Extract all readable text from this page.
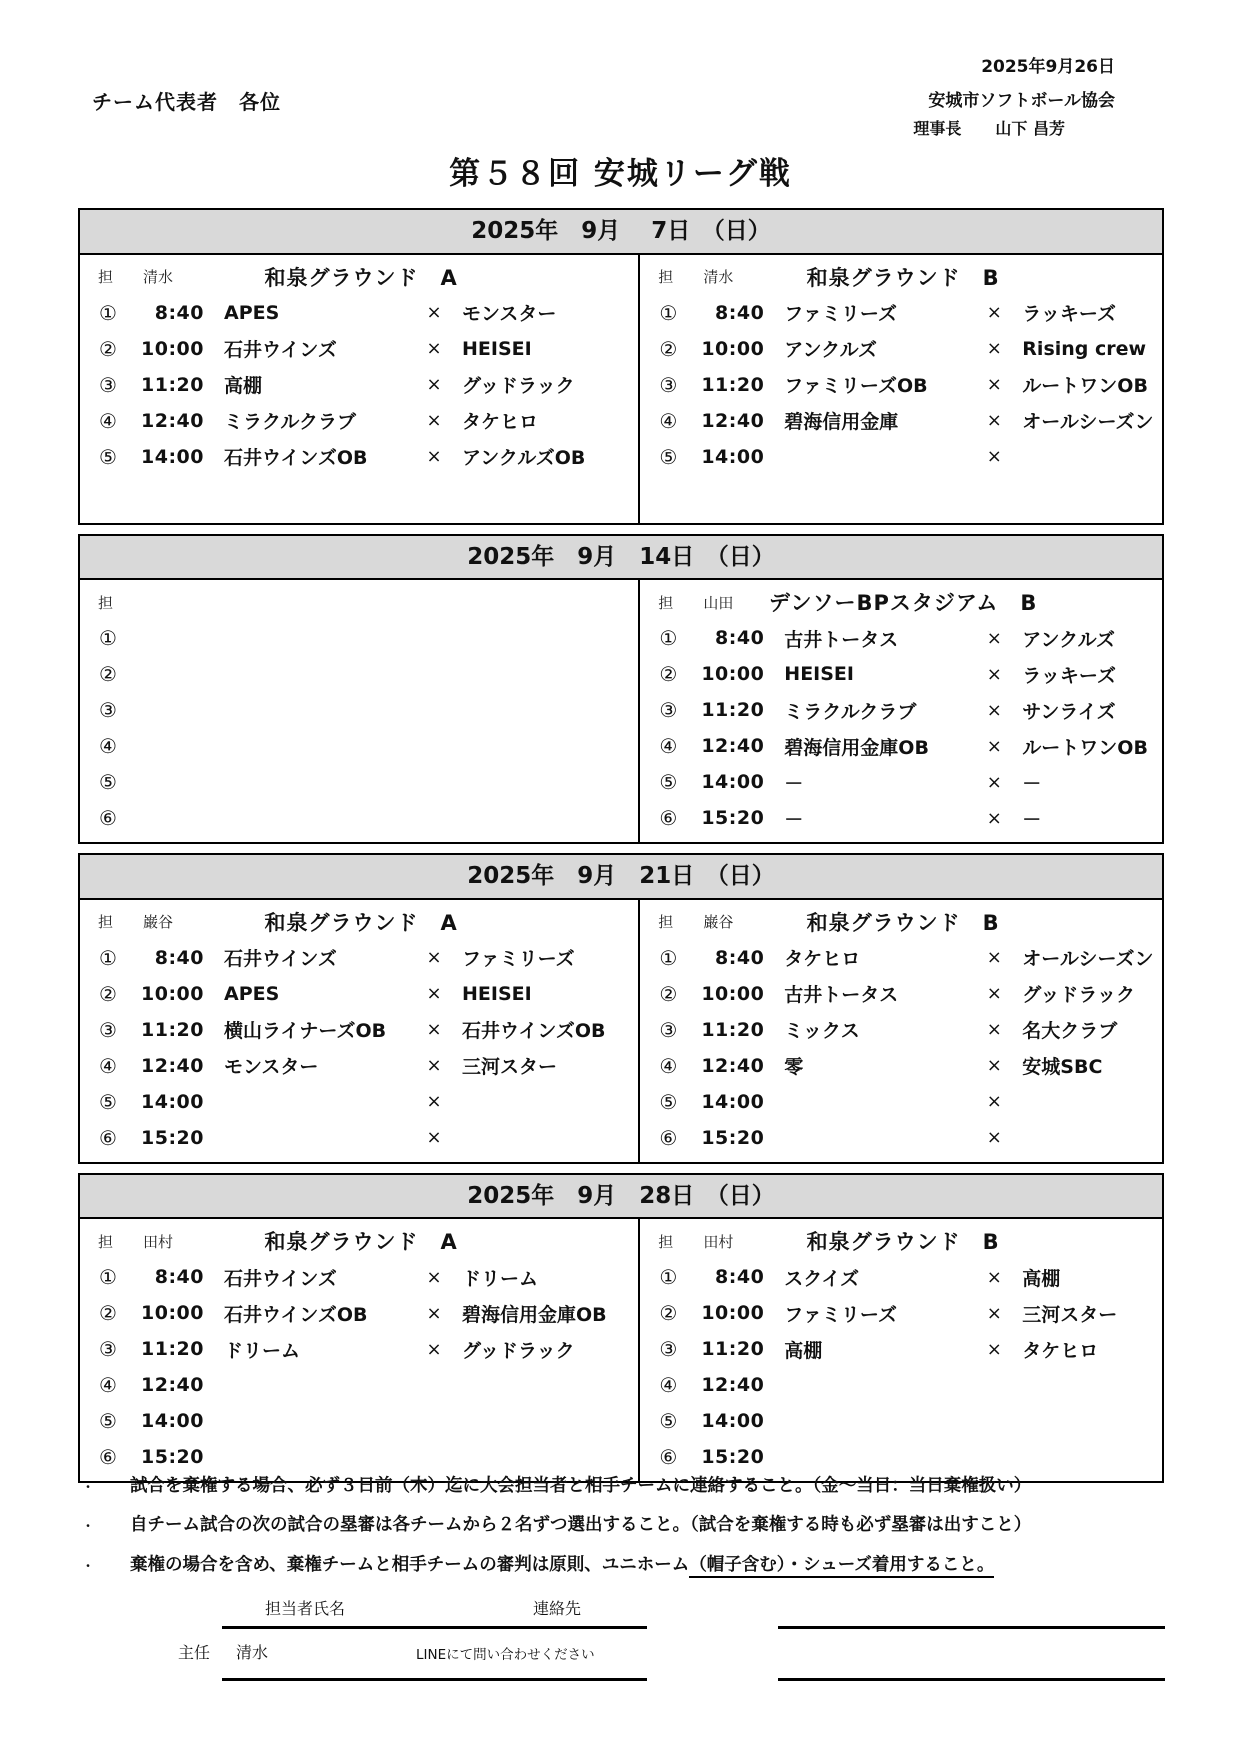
2025年9月26日
チーム代表者　各位	安城市ソフトボール協会
理事長 山下 昌芳
第５８回 安城リーグ戦
2025年　9月　 7日　（日）
担 清水	和泉グラウンド　A
①	8:40	APES	×	モンスター
②	10:00	石井ウインズ	×	HEISEI
③	11:20	高棚	×	グッドラック
④	12:40	ミラクルクラブ	×	タケヒロ
⑤	14:00	石井ウインズOB	×	アンクルズOB
担 清水	和泉グラウンド　B
①	8:40	ファミリーズ	×	ラッキーズ
②	10:00	アンクルズ	×	Rising crew
③	11:20	ファミリーズOB	×	ルートワンOB
④	12:40	碧海信用金庫	×	オールシーズン
⑤	14:00	×
2025年　9月　14日　（日）
担
①
②
③
④
⑤
⑥
担 山田	デンソーBPスタジアム　B
①	8:40	古井トータス	×	アンクルズ
②	10:00	HEISEI	×	ラッキーズ
③	11:20	ミラクルクラブ	×	サンライズ
④	12:40	碧海信用金庫OB	×	ルートワンOB
⑤	14:00	－	×	－
⑥	15:20	－	×	－
2025年　9月　21日　（日）
担 巌谷	和泉グラウンド　A
①	8:40	石井ウインズ	×	ファミリーズ
②	10:00	APES	×	HEISEI
③	11:20	横山ライナーズOB	×	石井ウインズOB
④	12:40	モンスター	×	三河スター
⑤	14:00	×
⑥	15:20	×
担 巌谷	和泉グラウンド　B
①	8:40	タケヒロ	×	オールシーズン
②	10:00	古井トータス	×	グッドラック
③	11:20	ミックス	×	名大クラブ
④	12:40	零	×	安城SBC
⑤	14:00	×
⑥	15:20	×
2025年　9月　28日　（日）
担 田村	和泉グラウンド　A
①	8:40	石井ウインズ	×	ドリーム
②	10:00	石井ウインズOB	×	碧海信用金庫OB
③	11:20	ドリーム	×	グッドラック
④	12:40
⑤	14:00
⑥	15:20
担 田村	和泉グラウンド　B
①	8:40	スクイズ	×	高棚
②	10:00	ファミリーズ	×	三河スター
③	11:20	高棚	×	タケヒロ
④	12:40
⑤	14:00
⑥	15:20
・	試合を棄権する場合、必ず３日前（木）迄に大会担当者と相手チームに連絡すること。（金～当日：当日棄権扱い）
・	自チーム試合の次の試合の塁審は各チームから２名ずつ選出すること。（試合を棄権する時も必ず塁審は出すこと）
・	棄権の場合を含め、棄権チームと相手チームの審判は原則、ユニホーム（帽子含む）・シューズ着用すること。
担当者氏名	連絡先
主任 清水	LINEにて問い合わせください
